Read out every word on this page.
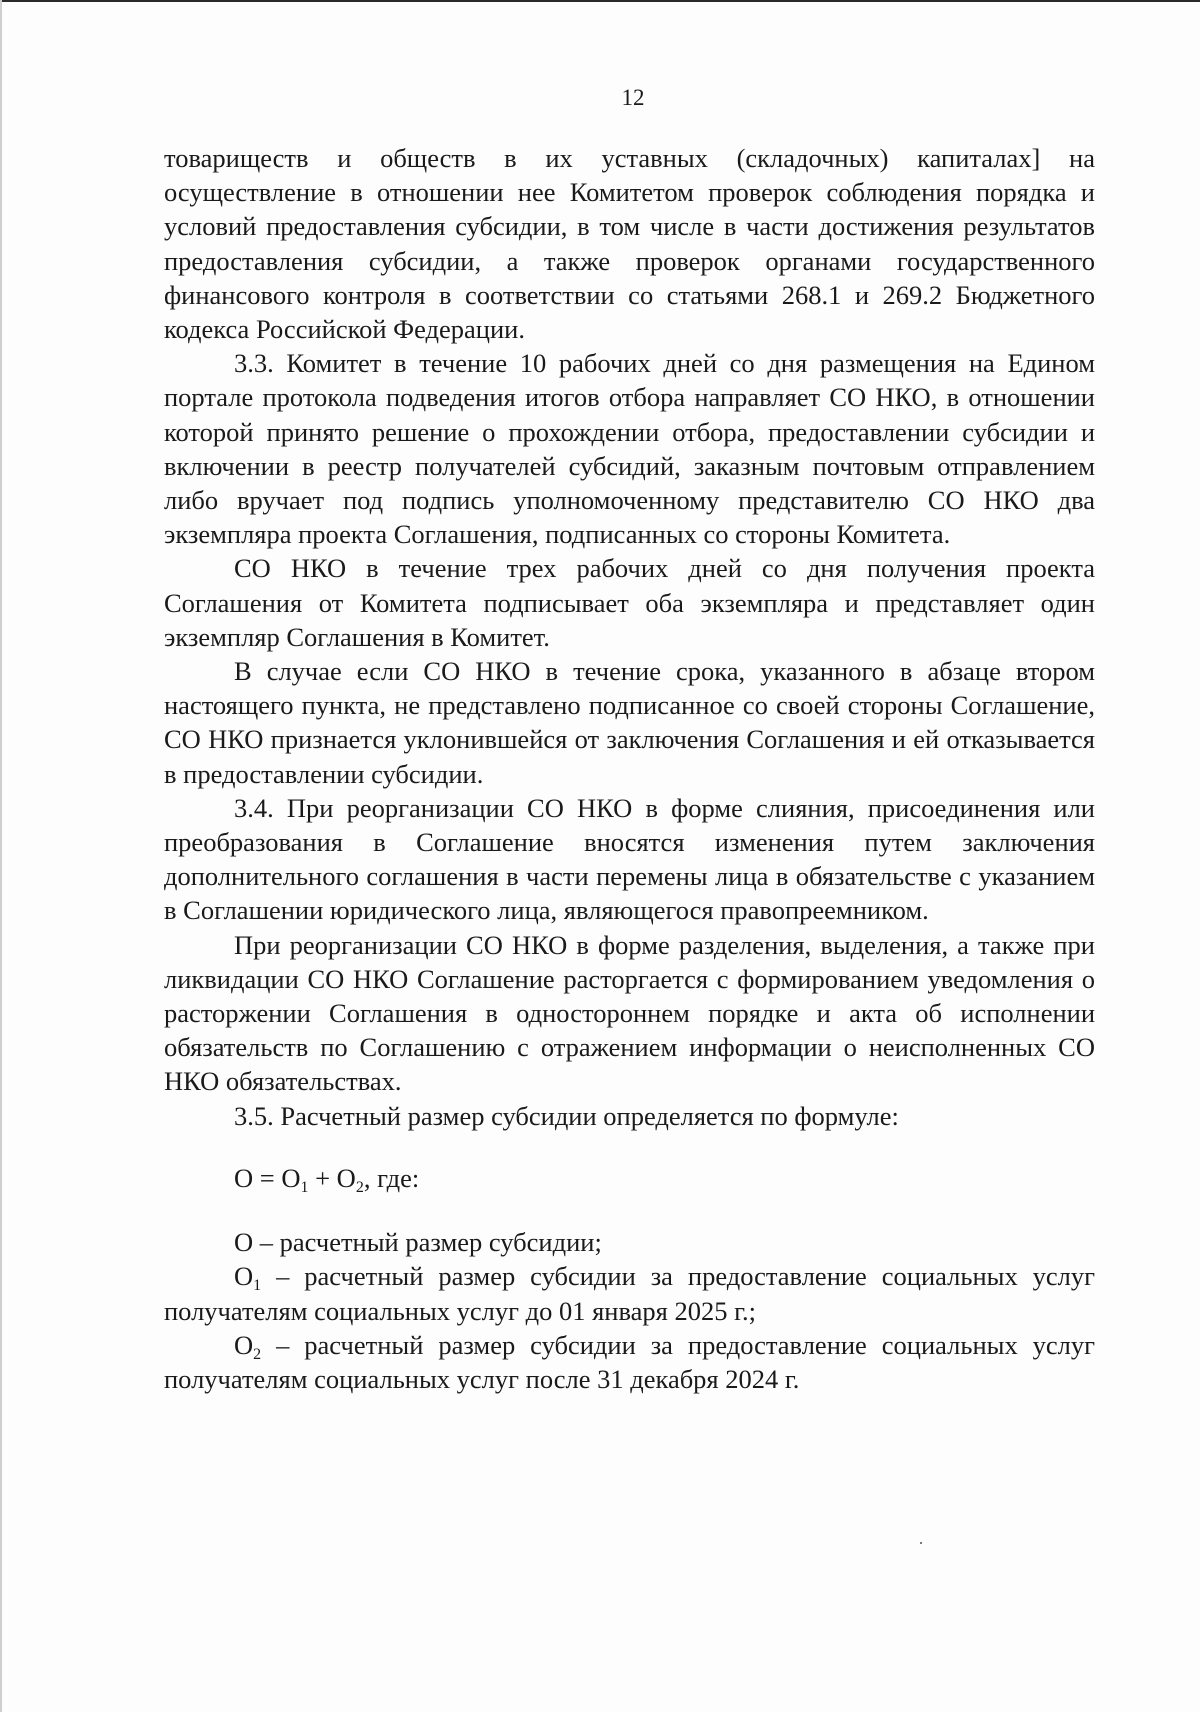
12

товариществ и обществ в их уставных (складочных) капиталах] на осуществление в отношении нее Комитетом проверок соблюдения порядка и условий предоставления субсидии, в том числе в части достижения результатов предоставления субсидии, а также проверок органами государственного финансового контроля в соответствии со статьями 268.1 и 269.2 Бюджетного кодекса Российской Федерации.

3.3. Комитет в течение 10 рабочих дней со дня размещения на Едином портале протокола подведения итогов отбора направляет СО НКО, в отношении которой принято решение о прохождении отбора, предоставлении субсидии и включении в реестр получателей субсидий, заказным почтовым отправлением либо вручает под подпись уполномоченному представителю СО НКО два экземпляра проекта Соглашения, подписанных со стороны Комитета.

СО НКО в течение трех рабочих дней со дня получения проекта Соглашения от Комитета подписывает оба экземпляра и представляет один экземпляр Соглашения в Комитет.

В случае если СО НКО в течение срока, указанного в абзаце втором настоящего пункта, не представлено подписанное со своей стороны Соглашение, СО НКО признается уклонившейся от заключения Соглашения и ей отказывается в предоставлении субсидии.

3.4. При реорганизации СО НКО в форме слияния, присоединения или преобразования в Соглашение вносятся изменения путем заключения дополнительного соглашения в части перемены лица в обязательстве с указанием в Соглашении юридического лица, являющегося правопреемником.

При реорганизации СО НКО в форме разделения, выделения, а также при ликвидации СО НКО Соглашение расторгается с формированием уведомления о расторжении Соглашения в одностороннем порядке и акта об исполнении обязательств по Соглашению с отражением информации о неисполненных СО НКО обязательствах.

3.5. Расчетный размер субсидии определяется по формуле:

$O = O_1 + O_2$, где:

O – расчетный размер субсидии;

$O_1$ – расчетный размер субсидии за предоставление социальных услуг получателям социальных услуг до 01 января 2025 г.;

$O_2$ – расчетный размер субсидии за предоставление социальных услуг получателям социальных услуг после 31 декабря 2024 г.
